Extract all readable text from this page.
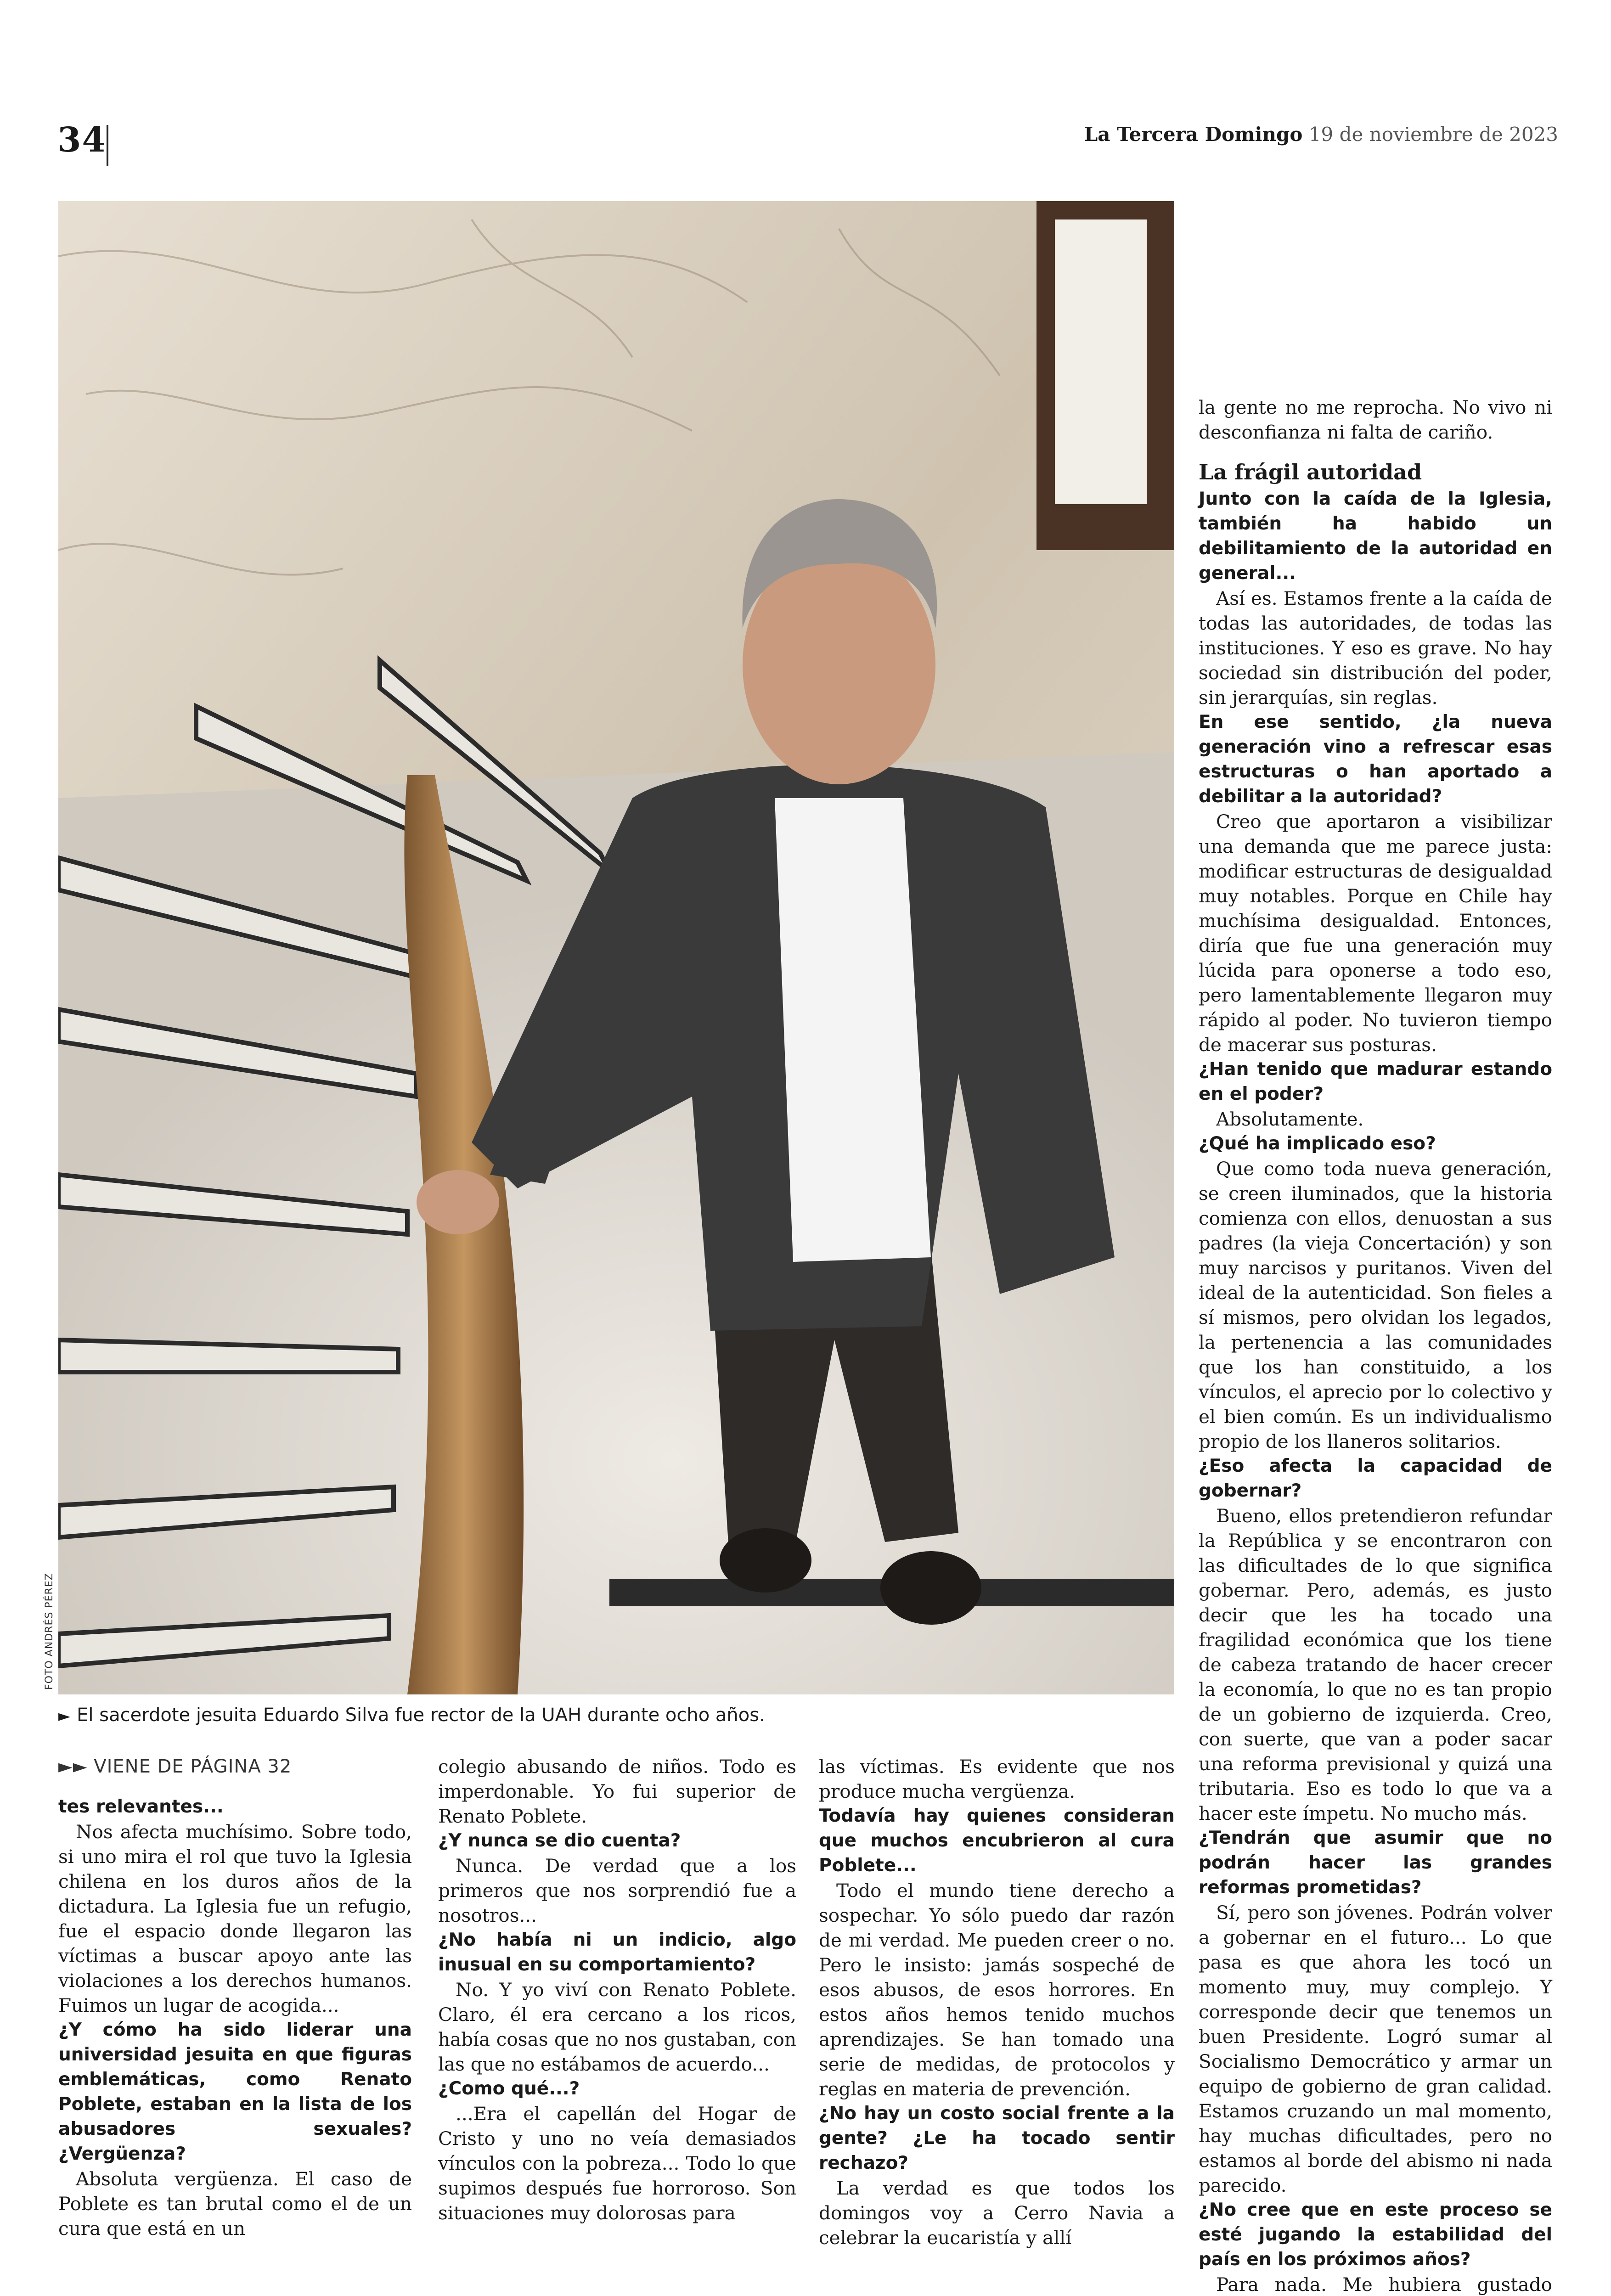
34	La Tercera Domingo 19 de noviembre de 2023
FOTO ANDRÉS PÉREZ
► El sacerdote jesuita Eduardo Silva fue rector de la UAH durante ocho años.
►► VIENE DE PÁGINA 32

tes relevantes...

Nos afecta muchísimo. Sobre todo, si uno mira el rol que tuvo la Iglesia chilena en los duros años de la dictadura. La Iglesia fue un refugio, fue el espacio donde llegaron las víctimas a buscar apoyo ante las violaciones a los derechos humanos. Fuimos un lugar de acogida...

¿Y cómo ha sido liderar una universidad jesuita en que figuras emblemáticas, como Renato Poblete, estaban en la lista de los abusadores sexuales? ¿Vergüenza?

Absoluta vergüenza. El caso de Poblete es tan brutal como el de un cura que está en un

colegio abusando de niños. Todo es imperdonable. Yo fui superior de Renato Poblete.

¿Y nunca se dio cuenta?

Nunca. De verdad que a los primeros que nos sorprendió fue a nosotros...

¿No había ni un indicio, algo inusual en su comportamiento?

No. Y yo viví con Renato Poblete. Claro, él era cercano a los ricos, había cosas que no nos gustaban, con las que no estábamos de acuerdo...

¿Como qué...?

...Era el capellán del Hogar de Cristo y uno no veía demasiados vínculos con la pobreza... Todo lo que supimos después fue horroroso. Son situaciones muy dolorosas para

las víctimas. Es evidente que nos produce mucha vergüenza.

Todavía hay quienes consideran que muchos encubrieron al cura Poblete...

Todo el mundo tiene derecho a sospechar. Yo sólo puedo dar razón de mi verdad. Me pueden creer o no. Pero le insisto: jamás sospeché de esos abusos, de esos horrores. En estos años hemos tenido muchos aprendizajes. Se han tomado una serie de medidas, de protocolos y reglas en materia de prevención.

¿No hay un costo social frente a la gente? ¿Le ha tocado sentir rechazo?

La verdad es que todos los domingos voy a Cerro Navia a celebrar la eucaristía y allí

la gente no me reprocha. No vivo ni desconfianza ni falta de cariño.

La frágil autoridad

Junto con la caída de la Iglesia, también ha habido un debilitamiento de la autoridad en general...

Así es. Estamos frente a la caída de todas las autoridades, de todas las instituciones. Y eso es grave. No hay sociedad sin distribución del poder, sin jerarquías, sin reglas.

En ese sentido, ¿la nueva generación vino a refrescar esas estructuras o han aportado a debilitar a la autoridad?

Creo que aportaron a visibilizar una demanda que me parece justa: modificar estructuras de desigualdad muy notables. Porque en Chile hay muchísima desigualdad. Entonces, diría que fue una generación muy lúcida para oponerse a todo eso, pero lamentablemente llegaron muy rápido al poder. No tuvieron tiempo de macerar sus posturas.

¿Han tenido que madurar estando en el poder?

Absolutamente.

¿Qué ha implicado eso?

Que como toda nueva generación, se creen iluminados, que la historia comienza con ellos, denuostan a sus padres (la vieja Concertación) y son muy narcisos y puritanos. Viven del ideal de la autenticidad. Son fieles a sí mismos, pero olvidan los legados, la pertenencia a las comunidades que los han constituido, a los vínculos, el aprecio por lo colectivo y el bien común. Es un individualismo propio de los llaneros solitarios.

¿Eso afecta la capacidad de gobernar?

Bueno, ellos pretendieron refundar la República y se encontraron con las dificultades de lo que significa gobernar. Pero, además, es justo decir que les ha tocado una fragilidad económica que los tiene de cabeza tratando de hacer crecer la economía, lo que no es tan propio de un gobierno de izquierda. Creo, con suerte, que van a poder sacar una reforma previsional y quizá una tributaria. Eso es todo lo que va a hacer este ímpetu. No mucho más.

¿Tendrán que asumir que no podrán hacer las grandes reformas prometidas?

Sí, pero son jóvenes. Podrán volver a gobernar en el futuro... Lo que pasa es que ahora les tocó un momento muy, muy complejo. Y corresponde decir que tenemos un buen Presidente. Logró sumar al Socialismo Democrático y armar un equipo de gobierno de gran calidad. Estamos cruzando un mal momento, hay muchas dificultades, pero no estamos al borde del abismo ni nada parecido.

¿No cree que en este proceso se esté jugando la estabilidad del país en los próximos años?

Para nada. Me hubiera gustado
